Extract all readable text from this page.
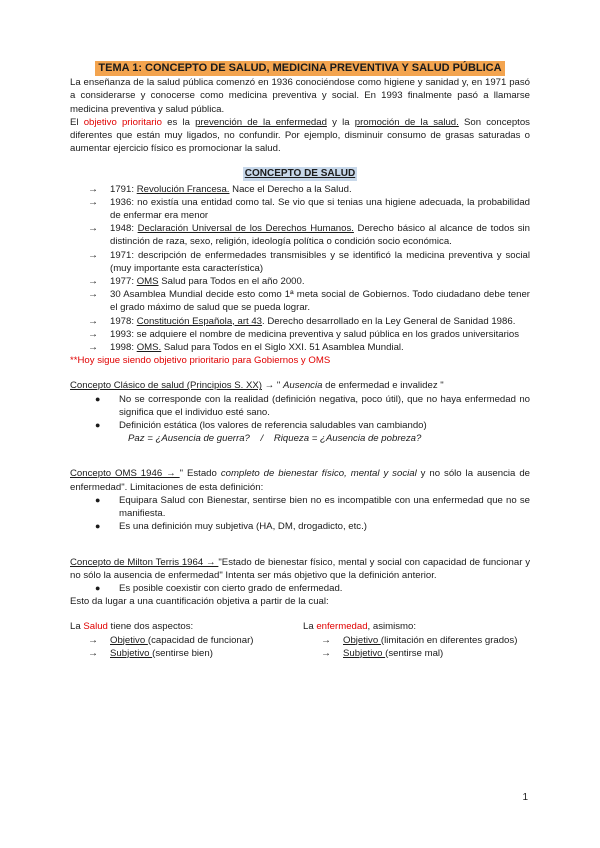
TEMA 1: CONCEPTO DE SALUD, MEDICINA PREVENTIVA Y SALUD PÚBLICA

La enseñanza de la salud pública comenzó en 1936 conociéndose como higiene y sanidad y, en 1971 pasó a considerarse y conocerse como medicina preventiva y social. En 1993 finalmente pasó a llamarse medicina preventiva y salud pública.

El objetivo prioritario es la prevención de la enfermedad y la promoción de la salud. Son conceptos diferentes que están muy ligados, no confundir. Por ejemplo, disminuir consumo de grasas saturadas o aumentar ejercicio físico es promocionar la salud.

CONCEPTO DE SALUD
→	1791: Revolución Francesa. Nace el Derecho a la Salud.
→	1936: no existía una entidad como tal. Se vio que si tenias una higiene adecuada, la probabilidad de enfermar era menor
→	1948: Declaración Universal de los Derechos Humanos. Derecho básico al alcance de todos sin distinción de raza, sexo, religión, ideología política o condición socio económica.
→	1971: descripción de enfermedades transmisibles y se identificó la medicina preventiva y social (muy importante esta característica)
→	1977: OMS Salud para Todos en el año 2000.
→	30 Asamblea Mundial decide esto como 1ª meta social de Gobiernos. Todo ciudadano debe tener el grado máximo de salud que se pueda lograr.
→	1978: Constitución Española, art 43. Derecho desarrollado en la Ley General de Sanidad 1986.
→	1993: se adquiere el nombre de medicina preventiva y salud pública en los grados universitarios
→	1998: OMS. Salud para Todos en el Siglo XXI. 51 Asamblea Mundial.

**Hoy sigue siendo objetivo prioritario para Gobiernos y OMS

Concepto Clásico de salud (Principios S. XX) → " Ausencia de enfermedad e invalidez "

●	No se corresponde con la realidad (definición negativa, poco útil), que no haya enfermedad no significa que el individuo esté sano.
●	Definición estática (los valores de referencia saludables van cambiando)

Paz = ¿Ausencia de guerra?    /    Riqueza = ¿Ausencia de pobreza?

Concepto OMS 1946 → " Estado completo de bienestar físico, mental y social y no sólo la ausencia de enfermedad". Limitaciones de esta definición:

●	Equipara Salud con Bienestar, sentirse bien no es incompatible con una enfermedad que no se manifiesta.
●	Es una definición muy subjetiva (HA, DM, drogadicto, etc.)

Concepto de Milton Terris 1964 → "Estado de bienestar físico, mental y social con capacidad de funcionar y no sólo la ausencia de enfermedad" Intenta ser más objetivo que la definición anterior.

●	Es posible coexistir con cierto grado de enfermedad.

Esto da lugar a una cuantificación objetiva a partir de la cual:

La Salud tiene dos aspectos:

→	Objetivo (capacidad de funcionar)
→	Subjetivo (sentirse bien)

La enfermedad, asimismo:

→	Objetivo (limitación en diferentes grados)
→	Subjetivo (sentirse mal)
1
